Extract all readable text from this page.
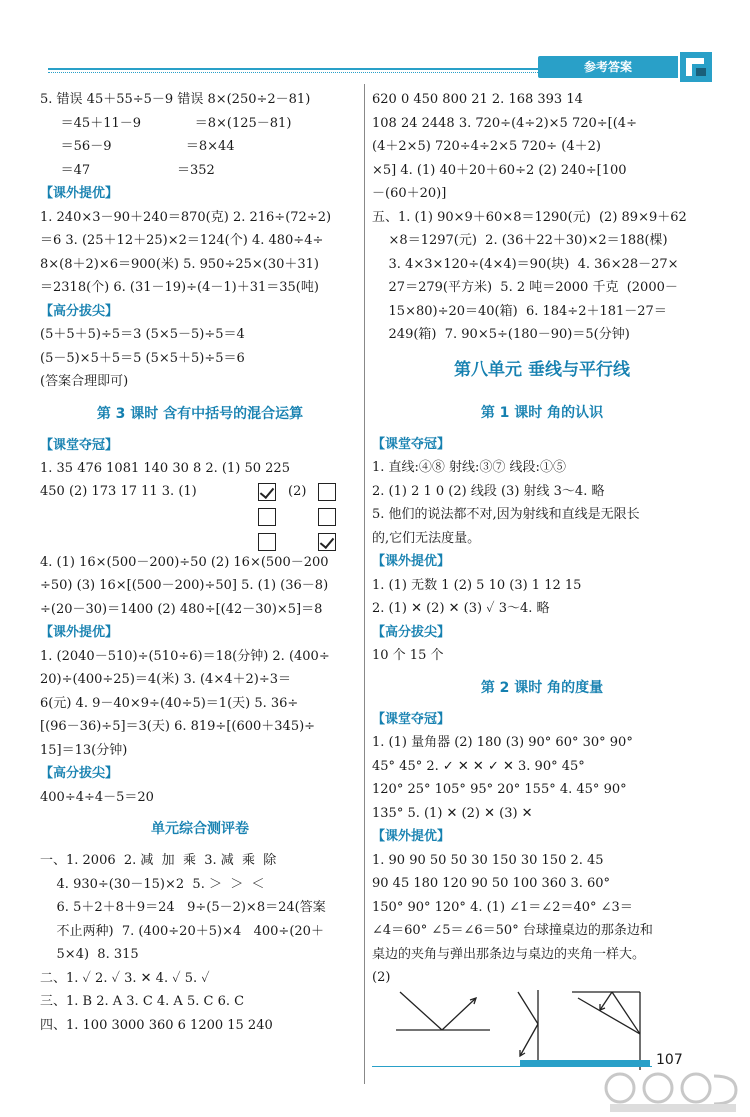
参考答案
5. 错误 45＋55÷5－9 错误 8×(250÷2－81)
＝45＋11－9             ＝8×(125－81)
＝56－9                  ＝8×44
＝47                     ＝352
【课外提优】
1. 240×3－90＋240＝870(克) 2. 216÷(72÷2)
＝6 3. (25＋12＋25)×2＝124(个) 4. 480÷4÷
8×(8＋2)×6＝900(米) 5. 950÷25×(30＋31)
＝2318(个) 6. (31－19)÷(4－1)＋31＝35(吨)
【高分拔尖】
(5＋5＋5)÷5＝3 (5×5－5)÷5＝4
(5－5)×5＋5＝5 (5×5＋5)÷5＝6
(答案合理即可)
第 3 课时 含有中括号的混合运算
【课堂夺冠】
1. 35 476 1081 140 30 8 2. (1) 50 225
450 (2) 173 17 11 3. (1)	(2)
4. (1) 16×(500－200)÷50 (2) 16×(500－200
÷50) (3) 16×[(500－200)÷50] 5. (1) (36－8)
÷(20－30)＝1400 (2) 480÷[(42－30)×5]＝8
【课外提优】
1. (2040－510)÷(510÷6)＝18(分钟) 2. (400÷
20)÷(400÷25)＝4(米) 3. (4×4＋2)÷3＝
6(元) 4. 9－40×9÷(40÷5)＝1(天) 5. 36÷
[(96－36)÷5]＝3(天) 6. 819÷[(600＋345)÷
15]＝13(分钟)
【高分拔尖】
400÷4÷4－5＝20
单元综合测评卷
一、1. 2006  2. 减  加  乘  3. 减  乘  除
4. 930÷(30－15)×2  5. ＞  ＞  ＜
6. 5＋2＋8＋9＝24   9÷(5－2)×8＝24(答案
不止两种)  7. (400÷20＋5)×4   400÷(20＋
5×4)  8. 315
二、1. ✓ 2. ✓ 3. ✕ 4. ✓ 5. ✓
三、1. B 2. A 3. C 4. A 5. C 6. C
四、1. 100 3000 360 6 1200 15 240
620 0 450 800 21 2. 168 393 14
108 24 2448 3. 720÷(4÷2)×5 720÷[(4÷
(4＋2×5) 720÷4÷2×5 720÷ (4＋2)
×5] 4. (1) 40＋20＋60÷2 (2) 240÷[100
－(60＋20)]
五、1. (1) 90×9＋60×8＝1290(元)  (2) 89×9＋62
×8＝1297(元)  2. (36＋22＋30)×2＝188(棵)
3. 4×3×120÷(4×4)＝90(块)  4. 36×28－27×
27＝279(平方米)  5. 2 吨＝2000 千克  (2000－
15×80)÷20＝40(箱)  6. 184÷2＋181－27＝
249(箱)  7. 90×5÷(180－90)＝5(分钟)
第八单元 垂线与平行线
第 1 课时 角的认识
【课堂夺冠】
1. 直线:④⑧ 射线:③⑦ 线段:①⑤
2. (1) 2 1 0 (2) 线段 (3) 射线 3～4. 略
5. 他们的说法都不对,因为射线和直线是无限长
的,它们无法度量。
【课外提优】
1. (1) 无数 1 (2) 5 10 (3) 1 12 15
2. (1) ✕ (2) ✕ (3) ✓ 3～4. 略
【高分拔尖】
10 个 15 个
第 2 课时 角的度量
【课堂夺冠】
1. (1) 量角器 (2) 180 (3) 90° 60° 30° 90°
45° 45° 2. ✓ ✕ ✕ ✓ ✕ 3. 90° 45°
120° 25° 105° 95° 20° 155° 4. 45° 90°
135° 5. (1) ✕ (2) ✕ (3) ✕
【课外提优】
1. 90 90 50 50 30 150 30 150 2. 45
90 45 180 120 90 50 100 360 3. 60°
150° 90° 120° 4. (1) ∠1＝∠2＝40° ∠3＝
∠4＝60° ∠5＝∠6＝50° 台球撞桌边的那条边和
桌边的夹角与弹出那条边与桌边的夹角一样大。
(2)
107
